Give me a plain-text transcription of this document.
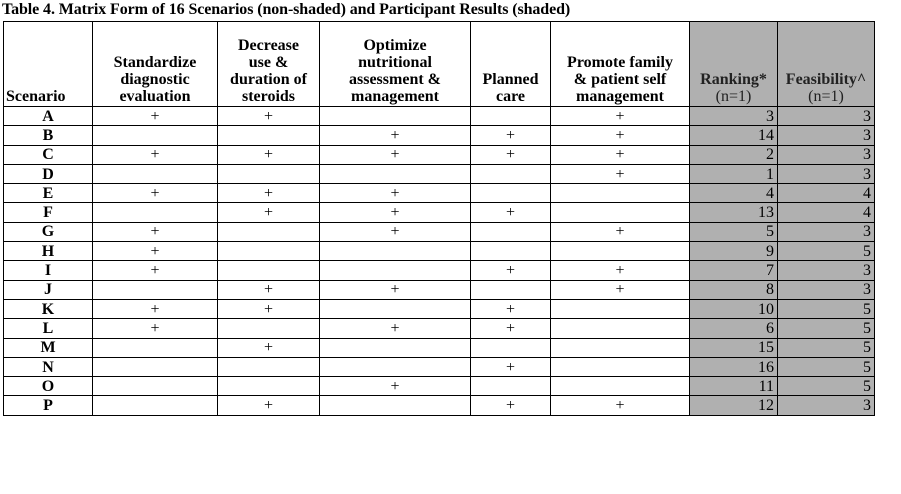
Table 4. Matrix Form of 16 Scenarios (non-shaded) and Participant Results (shaded)
Scenario	Standardize
diagnostic
evaluation	Decrease
use &
duration of
steroids	Optimize
nutritional
assessment &
management	Planned
care	Promote family
& patient self
management	Ranking*
(n=1)	Feasibility^
(n=1)
A	+	+			+	3	3
B			+	+	+	14	3
C	+	+	+	+	+	2	3
D					+	1	3
E	+	+	+			4	4
F		+	+	+		13	4
G	+		+		+	5	3
H	+					9	5
I	+			+	+	7	3
J		+	+		+	8	3
K	+	+		+		10	5
L	+		+	+		6	5
M		+				15	5
N				+		16	5
O			+			11	5
P		+		+	+	12	3
